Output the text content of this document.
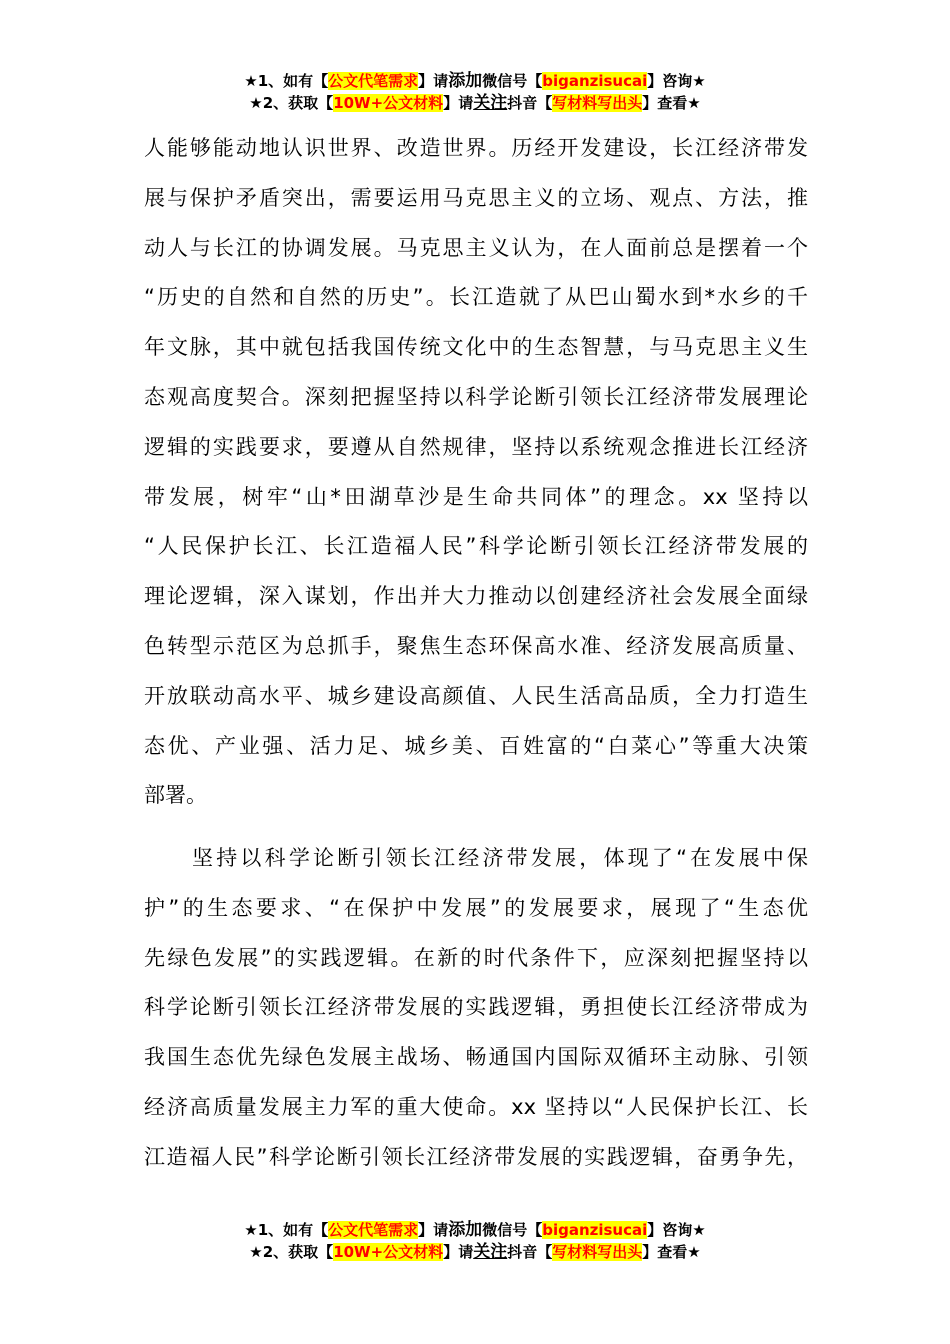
★1、如有【公文代笔需求】请添加微信号【biganzisucai】咨询★
★2、获取【10W+公文材料】请关注抖音【写材料写出头】查看★
人能够能动地认识世界、改造世界。历经开发建设，长江经济带发
展与保护矛盾突出，需要运用马克思主义的立场、观点、方法，推
动人与长江的协调发展。马克思主义认为，在人面前总是摆着一个
“历史的自然和自然的历史”。长江造就了从巴山蜀水到*水乡的千
年文脉，其中就包括我国传统文化中的生态智慧，与马克思主义生
态观高度契合。深刻把握坚持以科学论断引领长江经济带发展理论
逻辑的实践要求，要遵从自然规律，坚持以系统观念推进长江经济
带发展，树牢“山*田湖草沙是生命共同体”的理念。xx 坚持以
“人民保护长江、长江造福人民”科学论断引领长江经济带发展的
理论逻辑，深入谋划，作出并大力推动以创建经济社会发展全面绿
色转型示范区为总抓手，聚焦生态环保高水准、经济发展高质量、
开放联动高水平、城乡建设高颜值、人民生活高品质，全力打造生
态优、产业强、活力足、城乡美、百姓富的“白菜心”等重大决策
部署。
坚持以科学论断引领长江经济带发展，体现了“在发展中保
护”的生态要求、“在保护中发展”的发展要求，展现了“生态优
先绿色发展”的实践逻辑。在新的时代条件下，应深刻把握坚持以
科学论断引领长江经济带发展的实践逻辑，勇担使长江经济带成为
我国生态优先绿色发展主战场、畅通国内国际双循环主动脉、引领
经济高质量发展主力军的重大使命。xx 坚持以“人民保护长江、长
江造福人民”科学论断引领长江经济带发展的实践逻辑，奋勇争先，
★1、如有【公文代笔需求】请添加微信号【biganzisucai】咨询★
★2、获取【10W+公文材料】请关注抖音【写材料写出头】查看★
